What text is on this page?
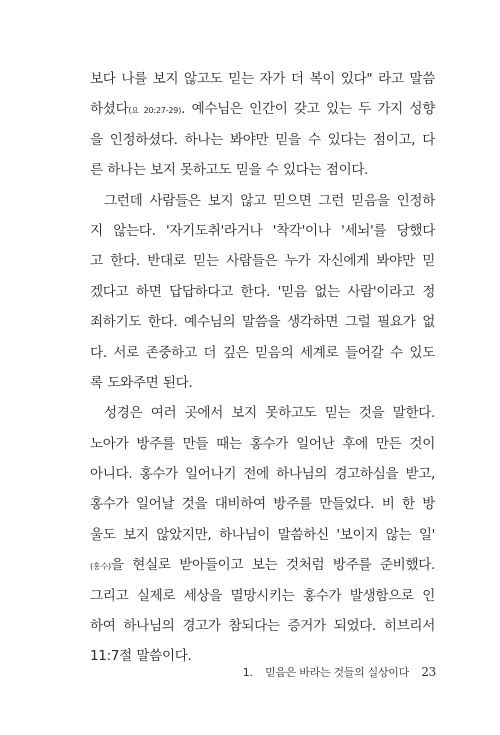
보다 나를 보지 않고도 믿는 자가 더 복이 있다" 라고 말씀
하셨다(요 20:27-29). 예수님은 인간이 갖고 있는 두 가지 성향
을 인정하셨다. 하나는 봐야만 믿을 수 있다는 점이고, 다
른 하나는 보지 못하고도 믿을 수 있다는 점이다.
그런데 사람들은 보지 않고 믿으면 그런 믿음을 인정하
지 않는다. '자기도취'라거나 '착각'이나 '세뇌'를 당했다
고 한다. 반대로 믿는 사람들은 누가 자신에게 봐야만 믿
겠다고 하면 답답하다고 한다. '믿음 없는 사람'이라고 정
죄하기도 한다. 예수님의 말씀을 생각하면 그럴 필요가 없
다. 서로 존중하고 더 깊은 믿음의 세계로 들어갈 수 있도
록 도와주면 된다.
성경은 여러 곳에서 보지 못하고도 믿는 것을 말한다.
노아가 방주를 만들 때는 홍수가 일어난 후에 만든 것이
아니다. 홍수가 일어나기 전에 하나님의 경고하심을 받고,
홍수가 일어날 것을 대비하여 방주를 만들었다. 비 한 방
울도 보지 않았지만, 하나님이 말씀하신 '보이지 않는 일'
(홍수)을 현실로 받아들이고 보는 것처럼 방주를 준비했다.
그리고 실제로 세상을 멸망시키는 홍수가 발생함으로 인
하여 하나님의 경고가 참되다는 증거가 되었다. 히브리서
11:7절 말씀이다.
1. 믿음은 바라는 것들의 실상이다 23
